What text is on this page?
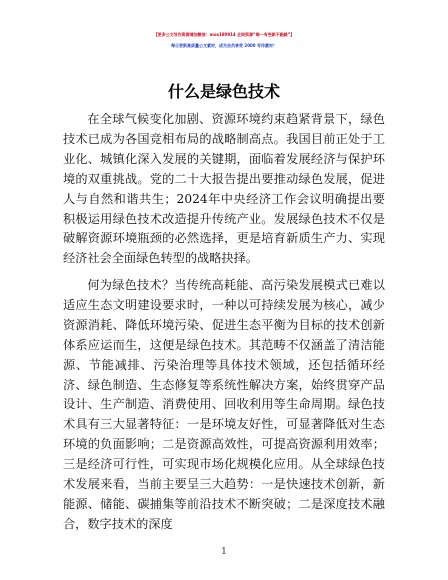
【更多公文写作资源请加微信：mos180914 全网资源“唯一有些新不跑路”】
每日更新高质量公文素材，成为会员享受 2000 写作素材！
什么是绿色技术

在全球气候变化加剧、资源环境约束趋紧背景下，绿色技术已成为各国竞相布局的战略制高点。我国目前正处于工业化、城镇化深入发展的关键期，面临着发展经济与保护环境的双重挑战。党的二十大报告提出要推动绿色发展，促进人与自然和谐共生；2024年中央经济工作会议明确提出要积极运用绿色技术改造提升传统产业。发展绿色技术不仅是破解资源环境瓶颈的必然选择，更是培育新质生产力、实现经济社会全面绿色转型的战略抉择。

何为绿色技术？当传统高耗能、高污染发展模式已难以适应生态文明建设要求时，一种以可持续发展为核心，减少资源消耗、降低环境污染、促进生态平衡为目标的技术创新体系应运而生，这便是绿色技术。其范畴不仅涵盖了清洁能源、节能减排、污染治理等具体技术领域，还包括循环经济、绿色制造、生态修复等系统性解决方案，始终贯穿产品设计、生产制造、消费使用、回收利用等生命周期。绿色技术具有三大显著特征：一是环境友好性，可显著降低对生态环境的负面影响；二是资源高效性，可提高资源利用效率；三是经济可行性，可实现市场化规模化应用。从全球绿色技术发展来看，当前主要呈三大趋势：一是快速技术创新，新能源、储能、碳捕集等前沿技术不断突破；二是深度技术融合，数字技术的深度

1
